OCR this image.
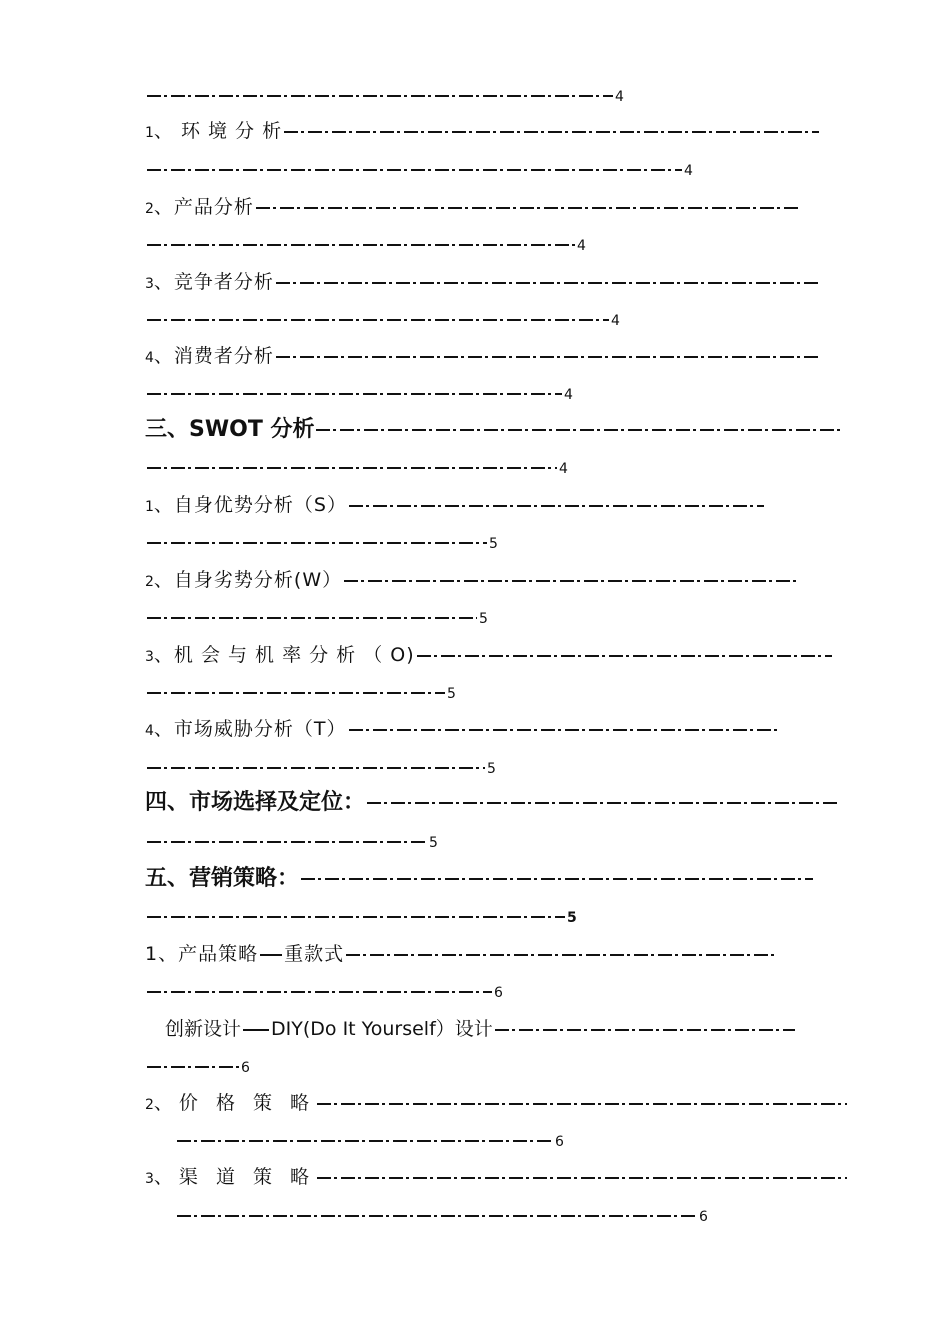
4
1、 环 境 分 析
4
2、产品分析
4
3、竞争者分析
4
4、消费者分析
4
三、SWOT 分析
4
1、自身优势分析（S）
5
2、自身劣势分析(W）
5
3、机 会 与 机 率 分 析 （ O)
5
4、市场威胁分析（T）
5
四、市场选择及定位：
5
五、营销策略：
5
1、产品策略 重款式
6
创新设计 DIY(Do It Yourself）设计
6
2、价 格 策 略
6
3、渠 道 策 略
6
